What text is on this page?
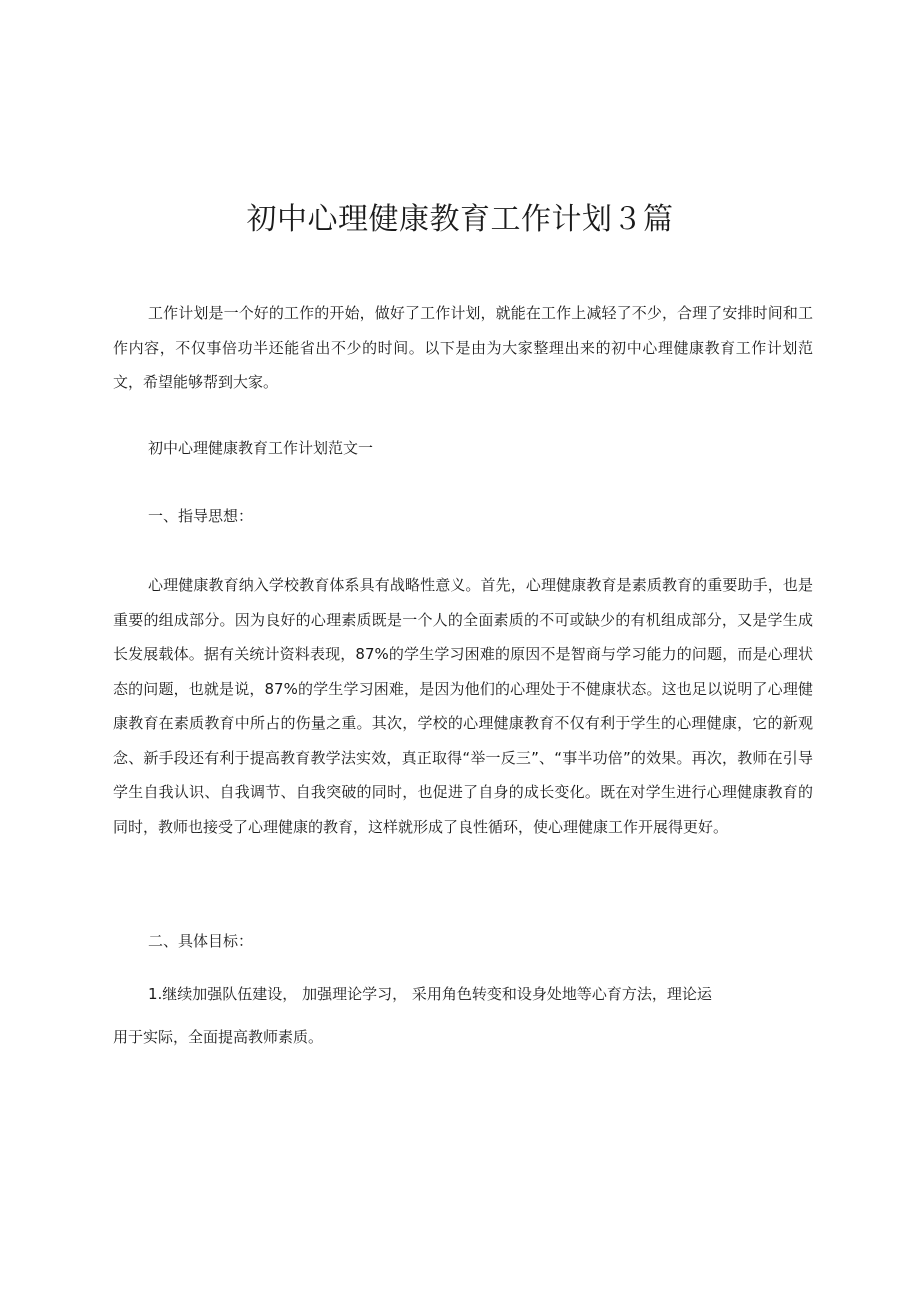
初中心理健康教育工作计划３篇

工作计划是一个好的工作的开始，做好了工作计划，就能在工作上减轻了不少，合理了安排时间和工作内容，不仅事倍功半还能省出不少的时间。以下是由为大家整理出来的初中心理健康教育工作计划范文，希望能够帮到大家。

初中心理健康教育工作计划范文一

一、指导思想：

心理健康教育纳入学校教育体系具有战略性意义。首先，心理健康教育是素质教育的重要助手，也是重要的组成部分。因为良好的心理素质既是一个人的全面素质的不可或缺少的有机组成部分，又是学生成长发展载体。据有关统计资料表现，87%的学生学习困难的原因不是智商与学习能力的问题，而是心理状态的问题，也就是说，87%的学生学习困难，是因为他们的心理处于不健康状态。这也足以说明了心理健康教育在素质教育中所占的伤量之重。其次，学校的心理健康教育不仅有利于学生的心理健康，它的新观念、新手段还有利于提高教育教学法实效，真正取得“举一反三”、“事半功倍”的效果。再次，教师在引导学生自我认识、自我调节、自我突破的同时，也促进了自身的成长变化。既在对学生进行心理健康教育的同时，教师也接受了心理健康的教育，这样就形成了良性循环，使心理健康工作开展得更好。

二、具体目标：

1.继续加强队伍建设， 加强理论学习， 采用角色转变和设身处地等心育方法，理论运

用于实际，全面提高教师素质。
